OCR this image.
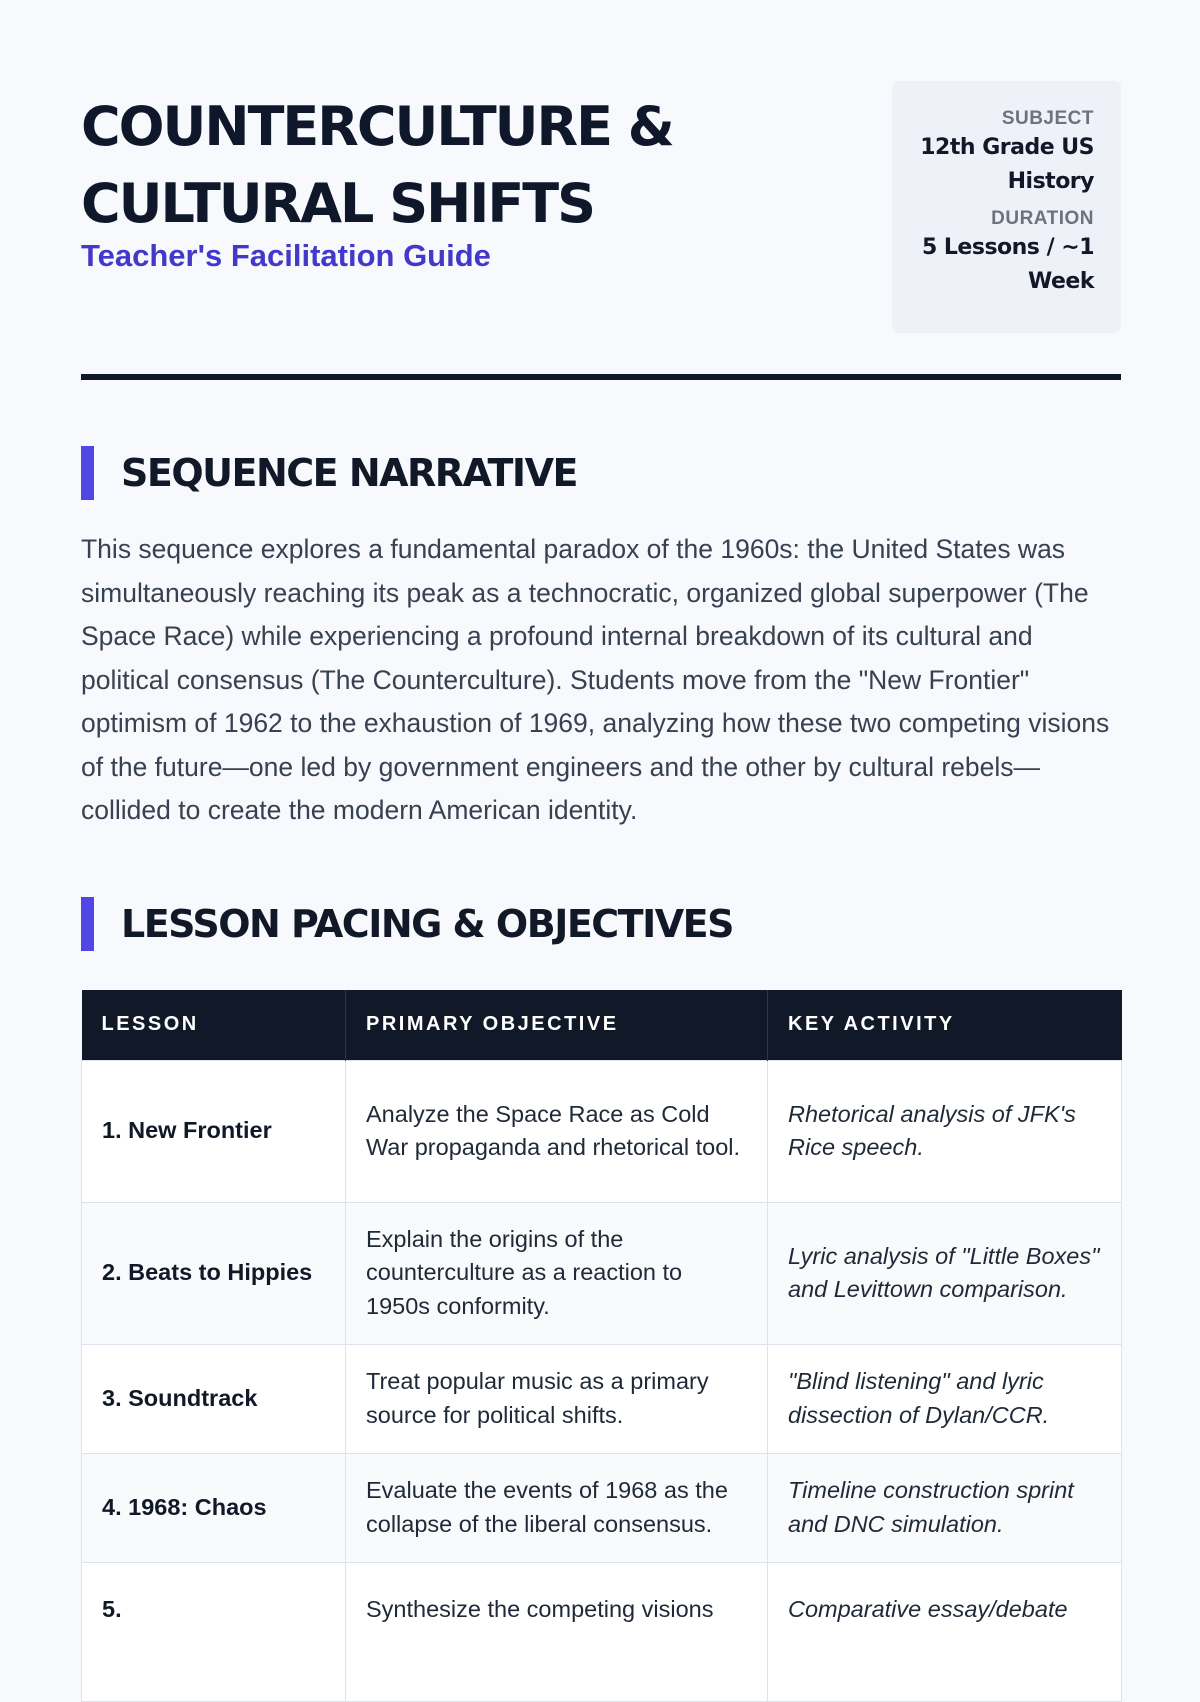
COUNTERCULTURE &
CULTURAL SHIFTS

Teacher's Facilitation Guide

SUBJECT
12th Grade US History
DURATION
5 Lessons / ~1 Week
SEQUENCE NARRATIVE

This sequence explores a fundamental paradox of the 1960s: the United States was simultaneously reaching its peak as a technocratic, organized global superpower (The Space Race) while experiencing a profound internal breakdown of its cultural and political consensus (The Counterculture). Students move from the "New Frontier" optimism of 1962 to the exhaustion of 1969, analyzing how these two competing visions of the future—one led by government engineers and the other by cultural rebels—collided to create the modern American identity.

LESSON PACING & OBJECTIVES
LESSON	PRIMARY OBJECTIVE	KEY ACTIVITY
1. New Frontier	Analyze the Space Race as Cold War propaganda and rhetorical tool.	Rhetorical analysis of JFK's Rice speech.
2. Beats to Hippies	Explain the origins of the counterculture as a reaction to 1950s conformity.	Lyric analysis of "Little Boxes" and Levittown comparison.
3. Soundtrack	Treat popular music as a primary source for political shifts.	"Blind listening" and lyric dissection of Dylan/CCR.
4. 1968: Chaos	Evaluate the events of 1968 as the collapse of the liberal consensus.	Timeline construction sprint and DNC simulation.
5.	Synthesize the competing visions	Comparative essay/debate
